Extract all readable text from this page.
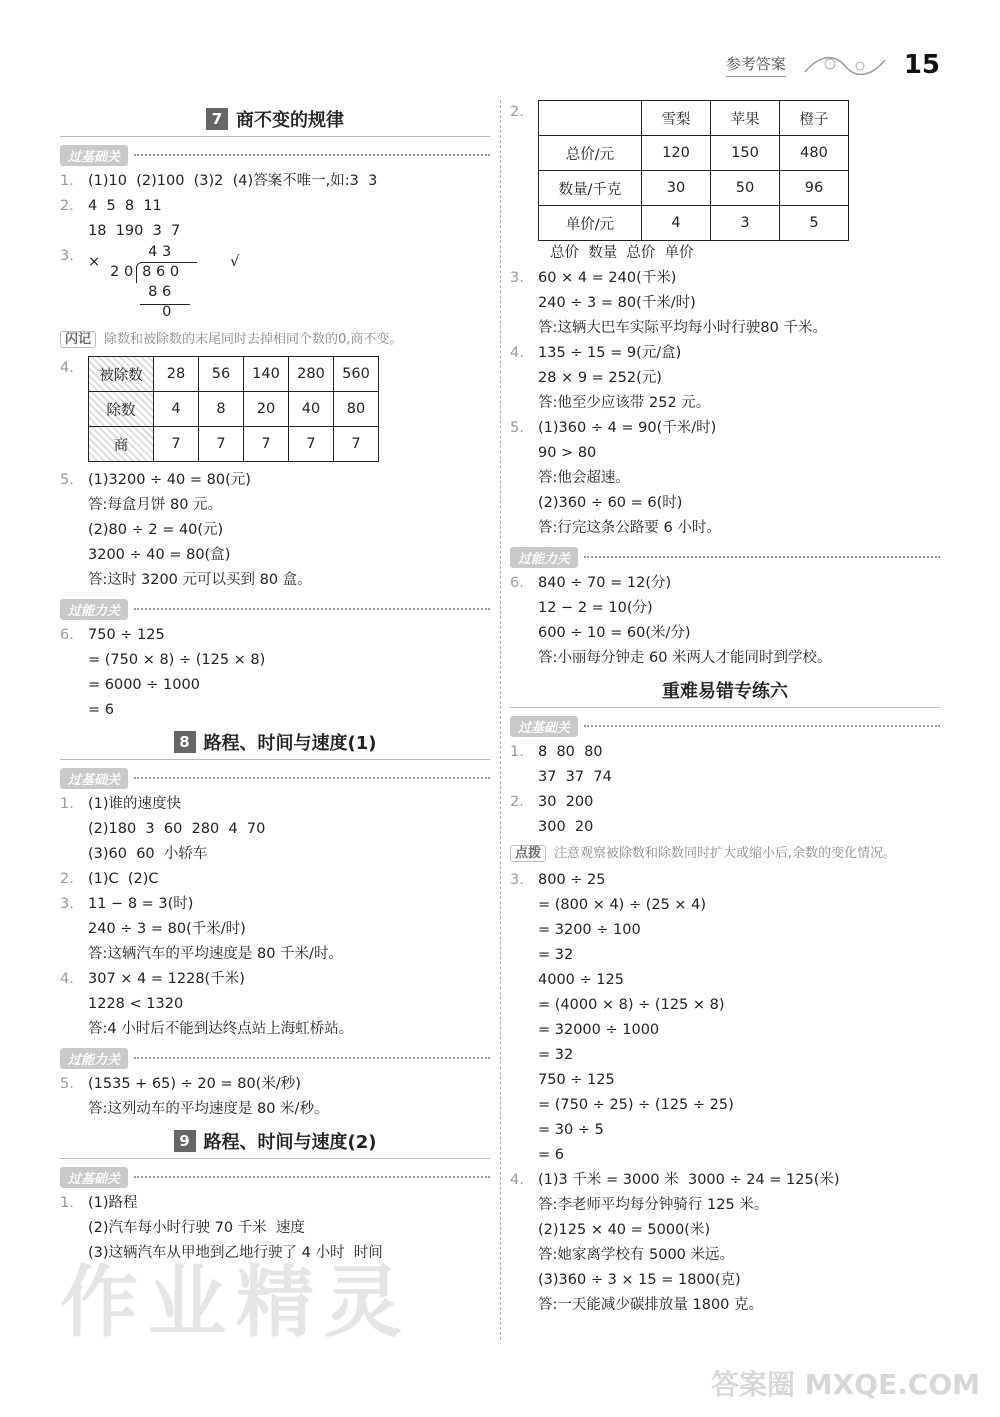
参考答案	15
7 商不变的规律
过基础关
1. (1)10  (2)100  (3)2  (4)答案不唯一,如:3  3
2. 4  5  8  11
18  190  3  7
3. ×
4 3
2 0 8 6 0
8 6
0
√
闪记 除数和被除数的末尾同时去掉相同个数的0,商不变。
4.	被除数	28	56	140	280	560
除数	4	8	20	40	80
商	7	7	7	7	7
5. (1)3200 ÷ 40 = 80(元)
答:每盒月饼 80 元。
(2)80 ÷ 2 = 40(元)
3200 ÷ 40 = 80(盒)
答:这时 3200 元可以买到 80 盒。
过能力关
6. 750 ÷ 125
= (750 × 8) ÷ (125 × 8)
= 6000 ÷ 1000
= 6
8 路程、时间与速度(1)
过基础关
1. (1)谁的速度快
(2)180  3  60  280  4  70
(3)60  60  小轿车
2. (1)C  (2)C
3. 11 − 8 = 3(时)
240 ÷ 3 = 80(千米/时)
答:这辆汽车的平均速度是 80 千米/时。
4. 307 × 4 = 1228(千米)
1228 < 1320
答:4 小时后不能到达终点站上海虹桥站。
过能力关
5. (1535 + 65) ÷ 20 = 80(米/秒)
答:这列动车的平均速度是 80 米/秒。
9 路程、时间与速度(2)
过基础关
1. (1)路程
(2)汽车每小时行驶 70 千米  速度
(3)这辆汽车从甲地到乙地行驶了 4 小时  时间
2.
		雪梨	苹果	橙子
总价/元	120	150	480
数量/千克	30	50	96
单价/元	4	3	5
总价  数量  总价  单价
3. 60 × 4 = 240(千米)
240 ÷ 3 = 80(千米/时)
答:这辆大巴车实际平均每小时行驶80 千米。
4. 135 ÷ 15 = 9(元/盒)
28 × 9 = 252(元)
答:他至少应该带 252 元。
5. (1)360 ÷ 4 = 90(千米/时)
90 > 80
答:他会超速。
(2)360 ÷ 60 = 6(时)
答:行完这条公路要 6 小时。
过能力关
6. 840 ÷ 70 = 12(分)
12 − 2 = 10(分)
600 ÷ 10 = 60(米/分)
答:小丽每分钟走 60 米两人才能同时到学校。
重难易错专练六
过基础关
1. 8  80  80
37  37  74
2. 30  200
300  20
点拨 注意观察被除数和除数同时扩大或缩小后,余数的变化情况。
3. 800 ÷ 25
= (800 × 4) ÷ (25 × 4)
= 3200 ÷ 100
= 32
4000 ÷ 125
= (4000 × 8) ÷ (125 × 8)
= 32000 ÷ 1000
= 32
750 ÷ 125
= (750 ÷ 25) ÷ (125 ÷ 25)
= 30 ÷ 5
= 6
4. (1)3 千米 = 3000 米  3000 ÷ 24 = 125(米)
答:李老师平均每分钟骑行 125 米。
(2)125 × 40 = 5000(米)
答:她家离学校有 5000 米远。
(3)360 ÷ 3 × 15 = 1800(克)
答:一天能减少碳排放量 1800 克。
作业精灵
答案圈 MXQE.COM
